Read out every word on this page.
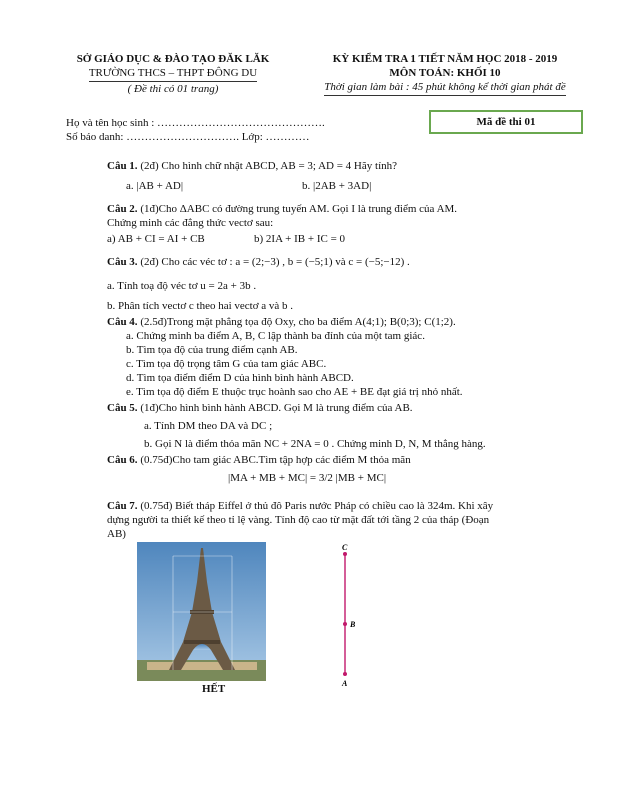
SỞ GIÁO DỤC & ĐÀO TẠO ĐĂK LĂK
TRƯỜNG THCS – THPT ĐÔNG DU
( Đề thi có 01 trang)
KỲ KIỂM TRA 1 TIẾT NĂM HỌC 2018 - 2019
MÔN TOÁN: KHỐI 10
Thời gian làm bài : 45 phút không kể thời gian phát đề
Họ và tên học sinh : ……………………………………….
Số báo danh: …………………………. Lớp: …………
Mã đề thi 01
Câu 1. (2đ) Cho hình chữ nhật ABCD, AB = 3; AD = 4 Hãy tính?
a. |AB + AD|	b. |2AB + 3AD|
Câu 2. (1đ)Cho ΔABC có đường trung tuyến AM. Gọi I là trung điểm của AM.
Chứng minh các đẳng thức vectơ sau:
a) AB + CI = AI + CB	b) 2IA + IB + IC = 0
Câu 3. (2đ) Cho các véc tơ : a = (2;−3) , b = (−5;1) và c = (−5;−12) .
a. Tính toạ độ véc tơ u = 2a + 3b .
b. Phân tích vectơ c theo hai vectơ a và b .
Câu 4. (2.5đ)Trong mặt phẳng tọa độ Oxy, cho ba điểm A(4;1); B(0;3); C(1;2).
a. Chứng minh ba điểm A, B, C lập thành ba đỉnh của một tam giác.
b. Tìm tọa độ của trung điểm cạnh AB.
c. Tìm tọa độ trọng tâm G của tam giác ABC.
d. Tìm tọa điểm điểm D của hình bình hành ABCD.
e. Tìm tọa độ điểm E thuộc trục hoành sao cho AE + BE đạt giá trị nhỏ nhất.
Câu 5. (1đ)Cho hình bình hành ABCD. Gọi M là trung điểm của AB.
a. Tính DM theo DA và DC ;
b. Gọi N là điểm thỏa mãn NC + 2NA = 0 . Chứng minh D, N, M thẳng hàng.
Câu 6. (0.75đ)Cho tam giác ABC.Tìm tập hợp các điểm M thỏa mãn
|MA + MB + MC| = 3/2 |MB + MC|
Câu 7. (0.75đ) Biết tháp Eiffel ở thủ đô Paris nước Pháp có chiều cao là 324m. Khi xây
dựng người ta thiết kế theo tỉ lệ vàng. Tính độ cao từ mặt đất tới tầng 2 của tháp (Đoạn
AB)
C
B
A
HẾT
